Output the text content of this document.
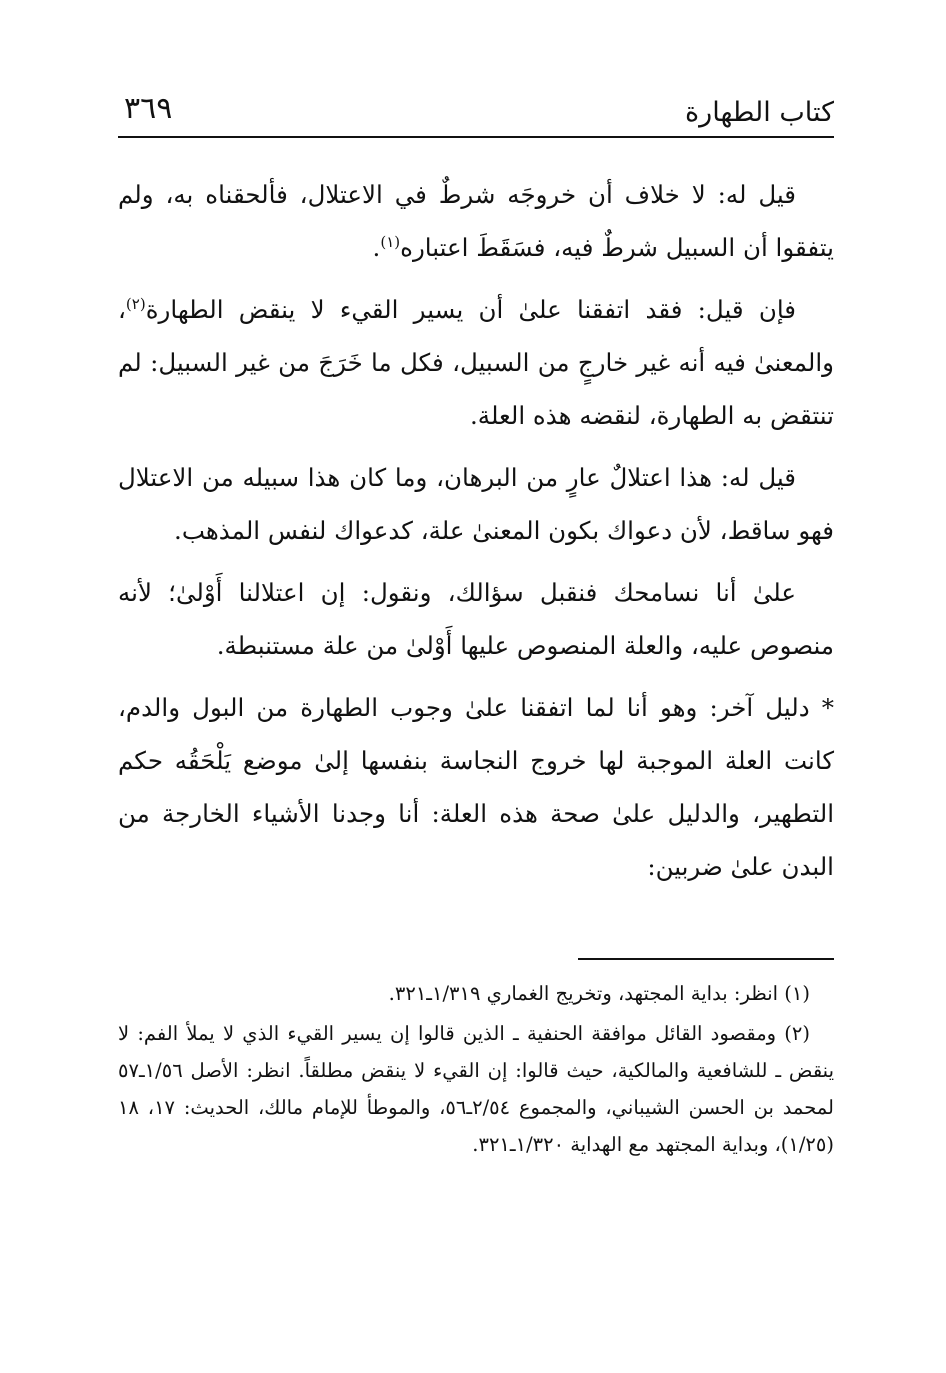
كتاب الطهارة
٣٦٩

قيل له: لا خلاف أن خروجَه شرطٌ في الاعتلال، فألحقناه به، ولم يتفقوا أن السبيل شرطٌ فيه، فسَقَطَ اعتباره$^{(١)}$.

فإن قيل: فقد اتفقنا علىٰ أن يسير القيء لا ينقض الطهارة$^{(٢)}$، والمعنىٰ فيه أنه غير خارجٍ من السبيل، فكل ما خَرَجَ من غير السبيل: لم تنتقض به الطهارة، لنقضه هذه العلة.

قيل له: هذا اعتلالٌ عارٍ من البرهان، وما كان هذا سبيله من الاعتلال فهو ساقط، لأن دعواك بكون المعنىٰ علة، كدعواك لنفس المذهب.

علىٰ أنا نسامحك فنقبل سؤالك، ونقول: إن اعتلالنا أَوْلىٰ؛ لأنه منصوص عليه، والعلة المنصوص عليها أَوْلىٰ من علة مستنبطة.

* دليل آخر: وهو أنا لما اتفقنا علىٰ وجوب الطهارة من البول والدم، كانت العلة الموجبة لها خروج النجاسة بنفسها إلىٰ موضع يَلْحَقُه حكم التطهير، والدليل علىٰ صحة هذه العلة: أنا وجدنا الأشياء الخارجة من البدن علىٰ ضربين:

(١) انظر: بداية المجتهد، وتخريج الغماري ١/٣١٩ـ٣٢١.

(٢) ومقصود القائل موافقة الحنفية ـ الذين قالوا إن يسير القيء الذي لا يملأ الفم: لا ينقض ـ للشافعية والمالكية، حيث قالوا: إن القيء لا ينقض مطلقاً. انظر: الأصل ١/٥٦ـ٥٧ لمحمد بن الحسن الشيباني، والمجموع ٢/٥٤ـ٥٦، والموطأ للإمام مالك، الحديث: ١٧، ١٨ (١/٢٥)، وبداية المجتهد مع الهداية ١/٣٢٠ـ٣٢١.
